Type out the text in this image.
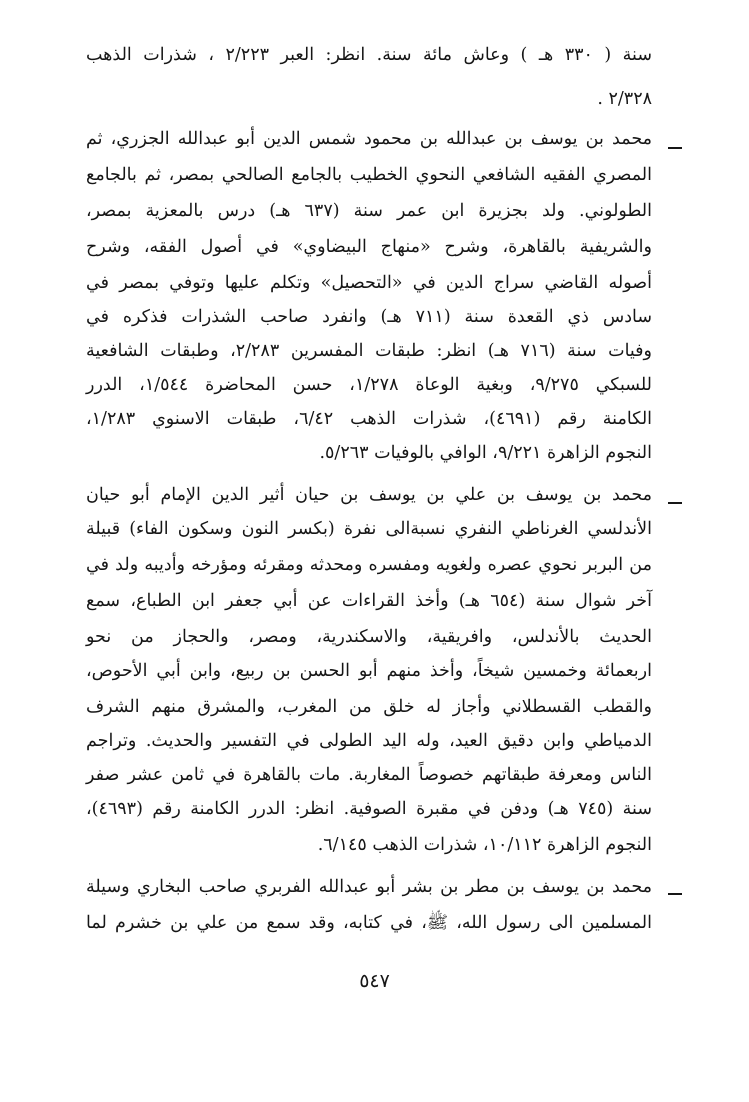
سنة ( ٣٣٠ هـ ) وعاش مائة سنة. انظر: العبر ٢/٢٢٣ ، شذرات الذهب
٢/٣٢٨ .
محمد بن يوسف بن عبدالله بن محمود شمس الدين أبو عبدالله الجزري، ثم
المصري الفقيه الشافعي النحوي الخطيب بالجامع الصالحي بمصر، ثم بالجامع
الطولوني. ولد بجزيرة ابن عمر سنة (٦٣٧ هـ) درس بالمعزية بمصر،
والشريفية بالقاهرة، وشرح «منهاج البيضاوي» في أصول الفقه، وشرح
أصوله القاضي سراج الدين في «التحصيل» وتكلم عليها وتوفي بمصر في
سادس ذي القعدة سنة (٧١١ هـ) وانفرد صاحب الشذرات فذكره في
وفيات سنة (٧١٦ هـ) انظر: طبقات المفسرين ٢/٢٨٣، وطبقات الشافعية
للسبكي ٩/٢٧٥، وبغية الوعاة ١/٢٧٨، حسن المحاضرة ١/٥٤٤، الدرر
الكامنة رقم (٤٦٩١)، شذرات الذهب ٦/٤٢، طبقات الاسنوي ١/٢٨٣،
النجوم الزاهرة ٩/٢٢١، الوافي بالوفيات ٥/٢٦٣.
محمد بن يوسف بن علي بن يوسف بن حيان أثير الدين الإمام أبو حيان
الأندلسي الغرناطي النفري نسبةالى نفرة (بكسر النون وسكون الفاء) قبيلة
من البربر نحوي عصره ولغويه ومفسره ومحدثه ومقرئه ومؤرخه وأديبه ولد في
آخر شوال سنة (٦٥٤ هـ) وأخذ القراءات عن أبي جعفر ابن الطباع، سمع
الحديث بالأندلس، وافريقية، والاسكندرية، ومصر، والحجاز من نحو
اربعمائة وخمسين شيخاً، وأخذ منهم أبو الحسن بن ربيع، وابن أبي الأحوص،
والقطب القسطلاني وأجاز له خلق من المغرب، والمشرق منهم الشرف
الدمياطي وابن دقيق العيد، وله اليد الطولى في التفسير والحديث. وتراجم
الناس ومعرفة طبقاتهم خصوصاً المغاربة. مات بالقاهرة في ثامن عشر صفر
سنة (٧٤٥ هـ) ودفن في مقبرة الصوفية. انظر: الدرر الكامنة رقم (٤٦٩٣)،
النجوم الزاهرة ١٠/١١٢، شذرات الذهب ٦/١٤٥.
محمد بن يوسف بن مطر بن بشر أبو عبدالله الفربري صاحب البخاري وسيلة
المسلمين الى رسول الله، ﷺ، في كتابه، وقد سمع من علي بن خشرم لما
٥٤٧
